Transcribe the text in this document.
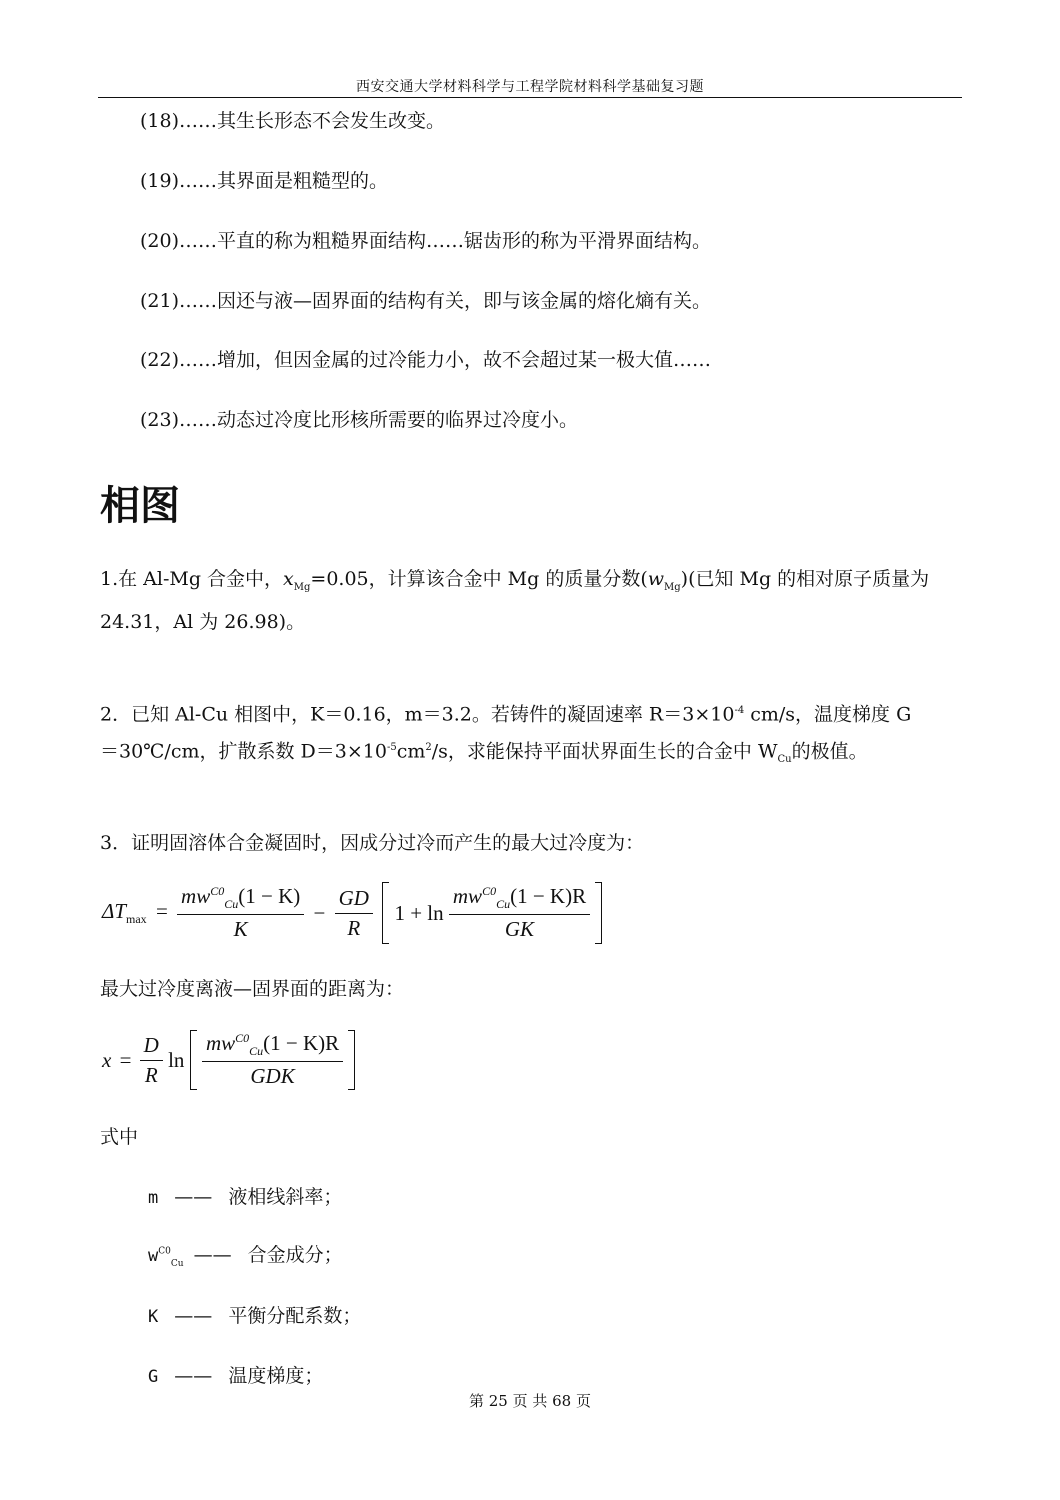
西安交通大学材料科学与工程学院材料科学基础复习题
(18)……其生长形态不会发生改变。
(19)……其界面是粗糙型的。
(20)……平直的称为粗糙界面结构……锯齿形的称为平滑界面结构。
(21)……因还与液—固界面的结构有关，即与该金属的熔化熵有关。
(22)……增加，但因金属的过冷能力小，故不会超过某一极大值……
(23)……动态过冷度比形核所需要的临界过冷度小。
相图
1.在 Al-Mg 合金中，$x_{Mg}=0.05$，计算该合金中 Mg 的质量分数$(w_{Mg})$(已知 Mg 的相对原子质量为
24.31，Al 为 26.98)。
2．已知 Al-Cu 相图中，K＝0.16，m＝3.2。若铸件的凝固速率 $R=3\times 10^{-4}$ cm/s，温度梯度 G
＝30℃/cm，扩散系数 $D=3\times 10^{-5}cm^2/s$，求能保持平面状界面生长的合金中 $W_{Cu}$的极值。
3．证明固溶体合金凝固时，因成分过冷而产生的最大过冷度为：
$\Delta T_{max} = \frac{mw^{C0}_{Cu}(1 - K)}{K} - \frac{GD}{R} 1 + \ln \frac{mw^{C0}_{Cu}(1 - K)R}{GK}$

最大过冷度离液—固界面的距离为：
$x = \frac{D}{R}$ $\ln \frac{mw^{C0}_{Cu}(1 - K)R}{\text{GDK}}$

式中
m —— 液相线斜率；
$w^{C0}_{Cu}$ —— 合金成分；
K —— 平衡分配系数；
G —— 温度梯度；
第 25 页 共 68 页
